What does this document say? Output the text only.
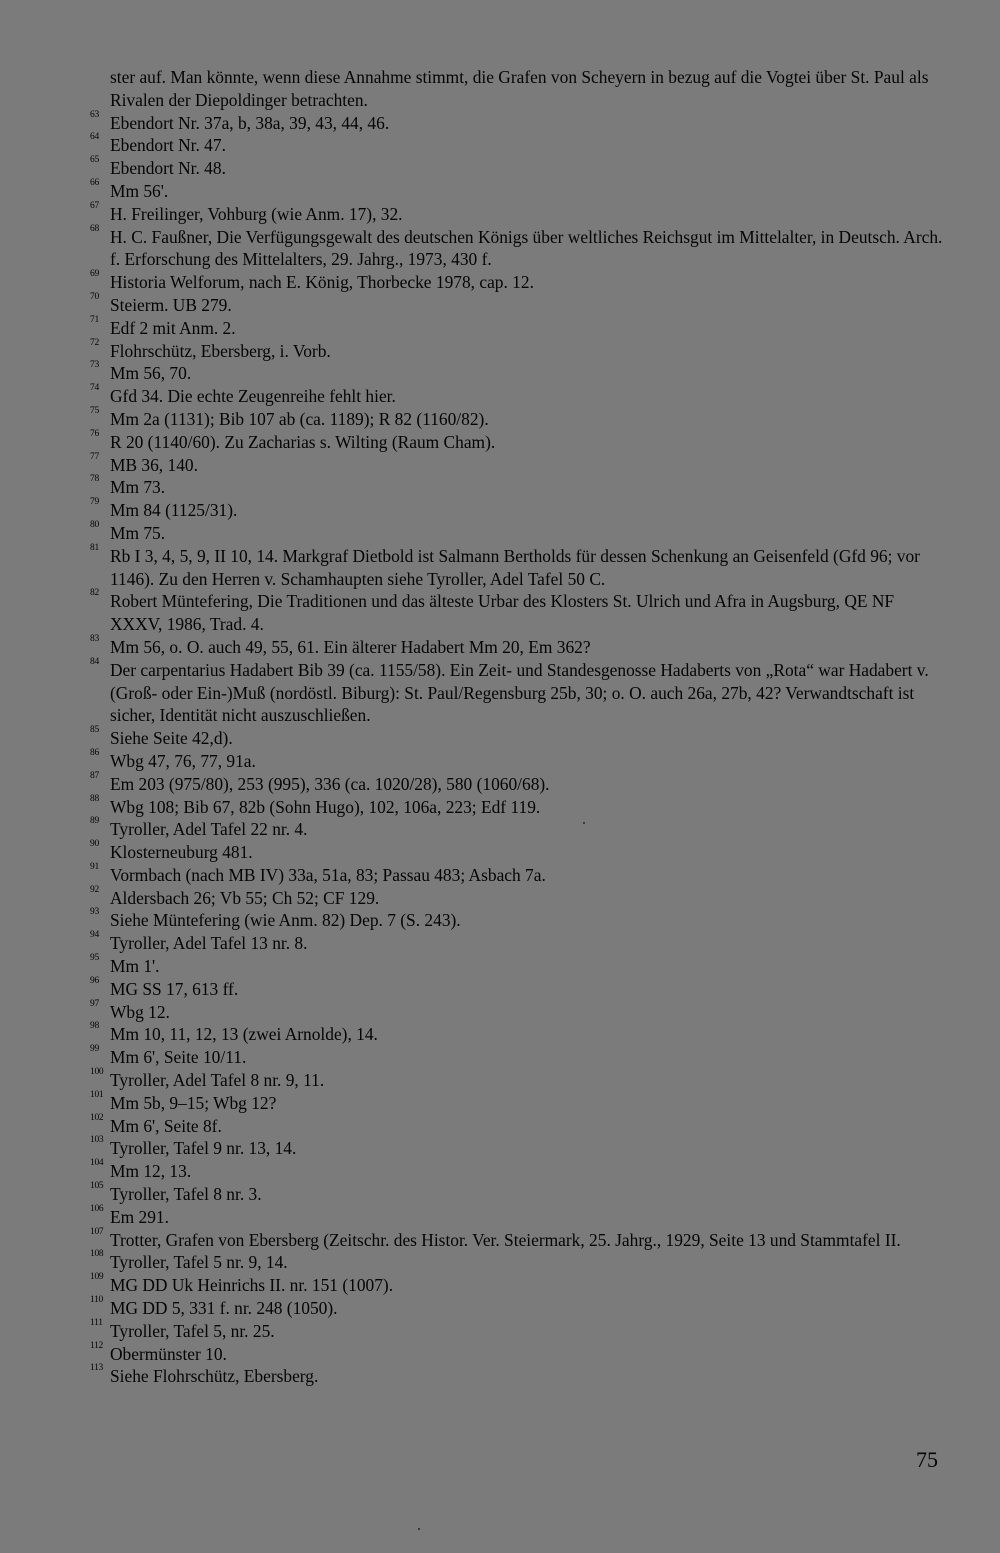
ster auf. Man könnte, wenn diese Annahme stimmt, die Grafen von Scheyern in bezug auf die Vogtei über St. Paul als Rivalen der Diepoldinger betrachten.
63 Ebendort Nr. 37a, b, 38a, 39, 43, 44, 46.
64 Ebendort Nr. 47.
65 Ebendort Nr. 48.
66 Mm 56'.
67 H. Freilinger, Vohburg (wie Anm. 17), 32.
68 H. C. Faußner, Die Verfügungsgewalt des deutschen Königs über weltliches Reichsgut im Mittelalter, in Deutsch. Arch. f. Erforschung des Mittelalters, 29. Jahrg., 1973, 430 f.
69 Historia Welforum, nach E. König, Thorbecke 1978, cap. 12.
70 Steierm. UB 279.
71 Edf 2 mit Anm. 2.
72 Flohrschütz, Ebersberg, i. Vorb.
73 Mm 56, 70.
74 Gfd 34. Die echte Zeugenreihe fehlt hier.
75 Mm 2a (1131); Bib 107 ab (ca. 1189); R 82 (1160/82).
76 R 20 (1140/60). Zu Zacharias s. Wilting (Raum Cham).
77 MB 36, 140.
78 Mm 73.
79 Mm 84 (1125/31).
80 Mm 75.
81 Rb I 3, 4, 5, 9, II 10, 14. Markgraf Dietbold ist Salmann Bertholds für dessen Schenkung an Geisenfeld (Gfd 96; vor 1146). Zu den Herren v. Schamhaupten siehe Tyroller, Adel Tafel 50 C.
82 Robert Müntefering, Die Traditionen und das älteste Urbar des Klosters St. Ulrich und Afra in Augsburg, QE NF XXXV, 1986, Trad. 4.
83 Mm 56, o. O. auch 49, 55, 61. Ein älterer Hadabert Mm 20, Em 362?
84 Der carpentarius Hadabert Bib 39 (ca. 1155/58). Ein Zeit- und Standesgenosse Hadaberts von „Rota“ war Hadabert v. (Groß- oder Ein-)Muß (nordöstl. Biburg): St. Paul/Regensburg 25b, 30; o. O. auch 26a, 27b, 42? Verwandtschaft ist sicher, Identität nicht auszuschließen.
85 Siehe Seite 42,d).
86 Wbg 47, 76, 77, 91a.
87 Em 203 (975/80), 253 (995), 336 (ca. 1020/28), 580 (1060/68).
88 Wbg 108; Bib 67, 82b (Sohn Hugo), 102, 106a, 223; Edf 119.
89 Tyroller, Adel Tafel 22 nr. 4.
90 Klosterneuburg 481.
91 Vormbach (nach MB IV) 33a, 51a, 83; Passau 483; Asbach 7a.
92 Aldersbach 26; Vb 55; Ch 52; CF 129.
93 Siehe Müntefering (wie Anm. 82) Dep. 7 (S. 243).
94 Tyroller, Adel Tafel 13 nr. 8.
95 Mm 1'.
96 MG SS 17, 613 ff.
97 Wbg 12.
98 Mm 10, 11, 12, 13 (zwei Arnolde), 14.
99 Mm 6', Seite 10/11.
100 Tyroller, Adel Tafel 8 nr. 9, 11.
101 Mm 5b, 9–15; Wbg 12?
102 Mm 6', Seite 8f.
103 Tyroller, Tafel 9 nr. 13, 14.
104 Mm 12, 13.
105 Tyroller, Tafel 8 nr. 3.
106 Em 291.
107 Trotter, Grafen von Ebersberg (Zeitschr. des Histor. Ver. Steiermark, 25. Jahrg., 1929, Seite 13 und Stammtafel II.
108 Tyroller, Tafel 5 nr. 9, 14.
109 MG DD Uk Heinrichs II. nr. 151 (1007).
110 MG DD 5, 331 f. nr. 248 (1050).
111 Tyroller, Tafel 5, nr. 25.
112 Obermünster 10.
113 Siehe Flohrschütz, Ebersberg.
75
